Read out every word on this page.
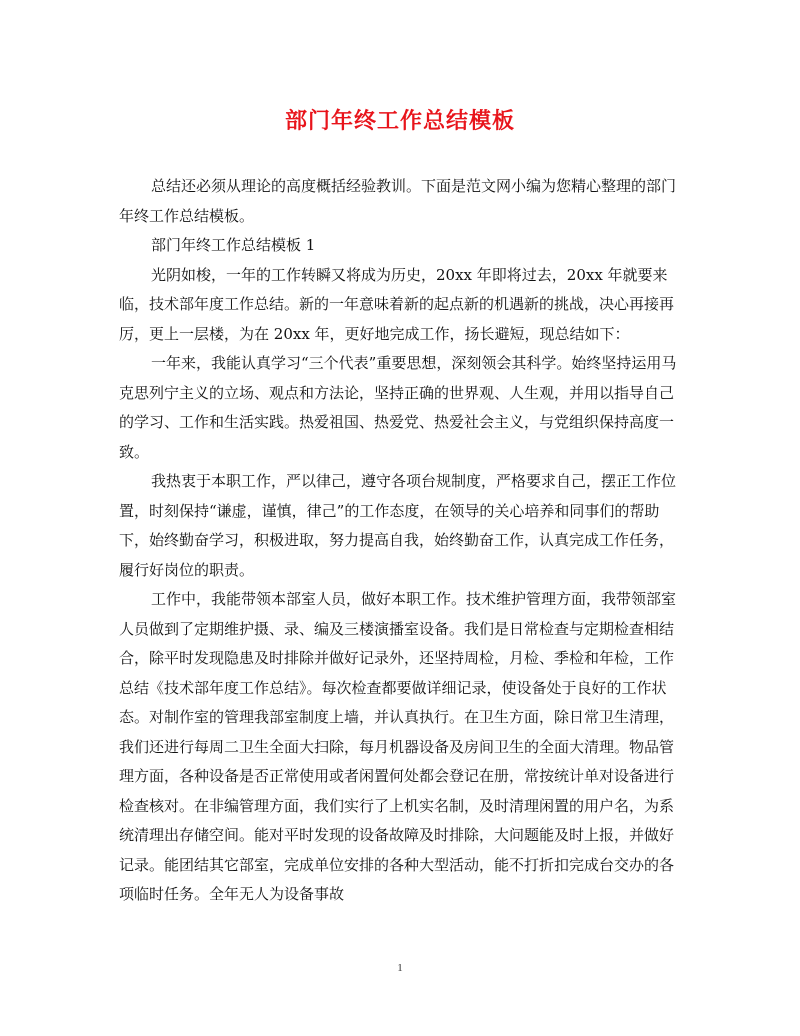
部门年终工作总结模板

总结还必须从理论的高度概括经验教训。下面是范文网小编为您精心整理的部门年终工作总结模板。

部门年终工作总结模板 1

光阴如梭，一年的工作转瞬又将成为历史，20xx 年即将过去，20xx 年就要来临，技术部年度工作总结。新的一年意味着新的起点新的机遇新的挑战，决心再接再厉，更上一层楼，为在 20xx 年，更好地完成工作，扬长避短，现总结如下：

一年来，我能认真学习“三个代表”重要思想，深刻领会其科学。始终坚持运用马克思列宁主义的立场、观点和方法论，坚持正确的世界观、人生观，并用以指导自己的学习、工作和生活实践。热爱祖国、热爱党、热爱社会主义，与党组织保持高度一致。

我热衷于本职工作，严以律己，遵守各项台规制度，严格要求自己，摆正工作位置，时刻保持“谦虚，谨慎，律己”的工作态度，在领导的关心培养和同事们的帮助下，始终勤奋学习，积极进取，努力提高自我，始终勤奋工作，认真完成工作任务，履行好岗位的职责。

工作中，我能带领本部室人员，做好本职工作。技术维护管理方面，我带领部室人员做到了定期维护摄、录、编及三楼演播室设备。我们是日常检查与定期检查相结合，除平时发现隐患及时排除并做好记录外，还坚持周检，月检、季检和年检，工作总结《技术部年度工作总结》。每次检查都要做详细记录，使设备处于良好的工作状态。对制作室的管理我部室制度上墙，并认真执行。在卫生方面，除日常卫生清理，我们还进行每周二卫生全面大扫除，每月机器设备及房间卫生的全面大清理。物品管理方面，各种设备是否正常使用或者闲置何处都会登记在册，常按统计单对设备进行检查核对。在非编管理方面，我们实行了上机实名制，及时清理闲置的用户名，为系统清理出存储空间。能对平时发现的设备故障及时排除，大问题能及时上报，并做好记录。能团结其它部室，完成单位安排的各种大型活动，能不打折扣完成台交办的各项临时任务。全年无人为设备事故

1
